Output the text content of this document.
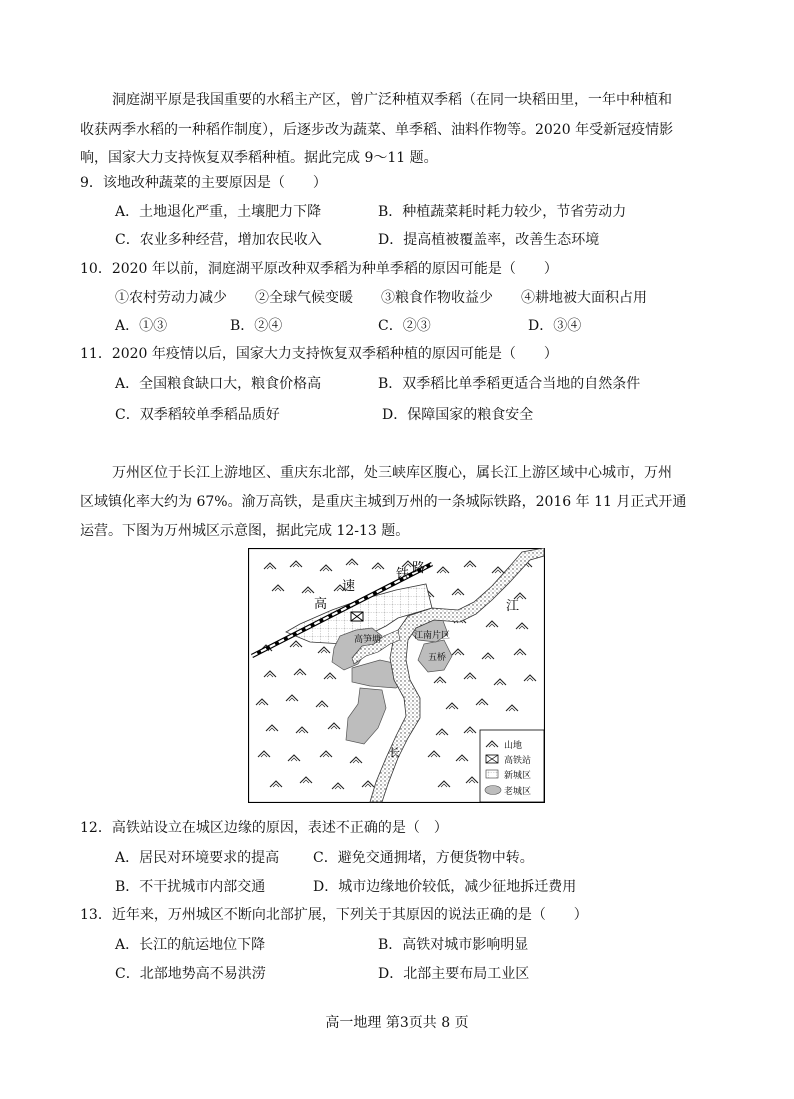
洞庭湖平原是我国重要的水稻主产区，曾广泛种植双季稻（在同一块稻田里，一年中种植和
收获两季水稻的一种稻作制度），后逐步改为蔬菜、单季稻、油料作物等。2020 年受新冠疫情影
响，国家大力支持恢复双季稻种植。据此完成 9～11 题。
9．该地改种蔬菜的主要原因是（　　）
A．土地退化严重，土壤肥力下降	B．种植蔬菜耗时耗力较少，节省劳动力
C．农业多种经营，增加农民收入	D．提高植被覆盖率，改善生态环境
10．2020 年以前，洞庭湖平原改种双季稻为种单季稻的原因可能是（　　）
①农村劳动力减少　　②全球气候变暖　　③粮食作物收益少　　④耕地被大面积占用
A．①③	B．②④	C．②③	D．③④
11．2020 年疫情以后，国家大力支持恢复双季稻种植的原因可能是（　　）
A．全国粮食缺口大，粮食价格高	B．双季稻比单季稻更适合当地的自然条件
C．双季稻较单季稻品质好	D．保障国家的粮食安全
万州区位于长江上游地区、重庆东北部，处三峡库区腹心，属长江上游区域中心城市，万州
区域镇化率大约为 67%。渝万高铁，是重庆主城到万州的一条城际铁路，2016 年 11 月正式开通
运营。下图为万州城区示意图，据此完成 12-13 题。
铁 路
速
高	江
长
高笋塘	江南片区
五桥
山地
高铁站
新城区
老城区
12．高铁站设立在城区边缘的原因，表述不正确的是（　）
A．居民对环境要求的提高 C．避免交通拥堵，方便货物中转。
B．不干扰城市内部交通	D．城市边缘地价较低，减少征地拆迁费用
13．近年来，万州城区不断向北部扩展，下列关于其原因的说法正确的是（　　）
A．长江的航运地位下降	B．高铁对城市影响明显
C．北部地势高不易洪涝	D．北部主要布局工业区
高一地理 第3页共 8 页
